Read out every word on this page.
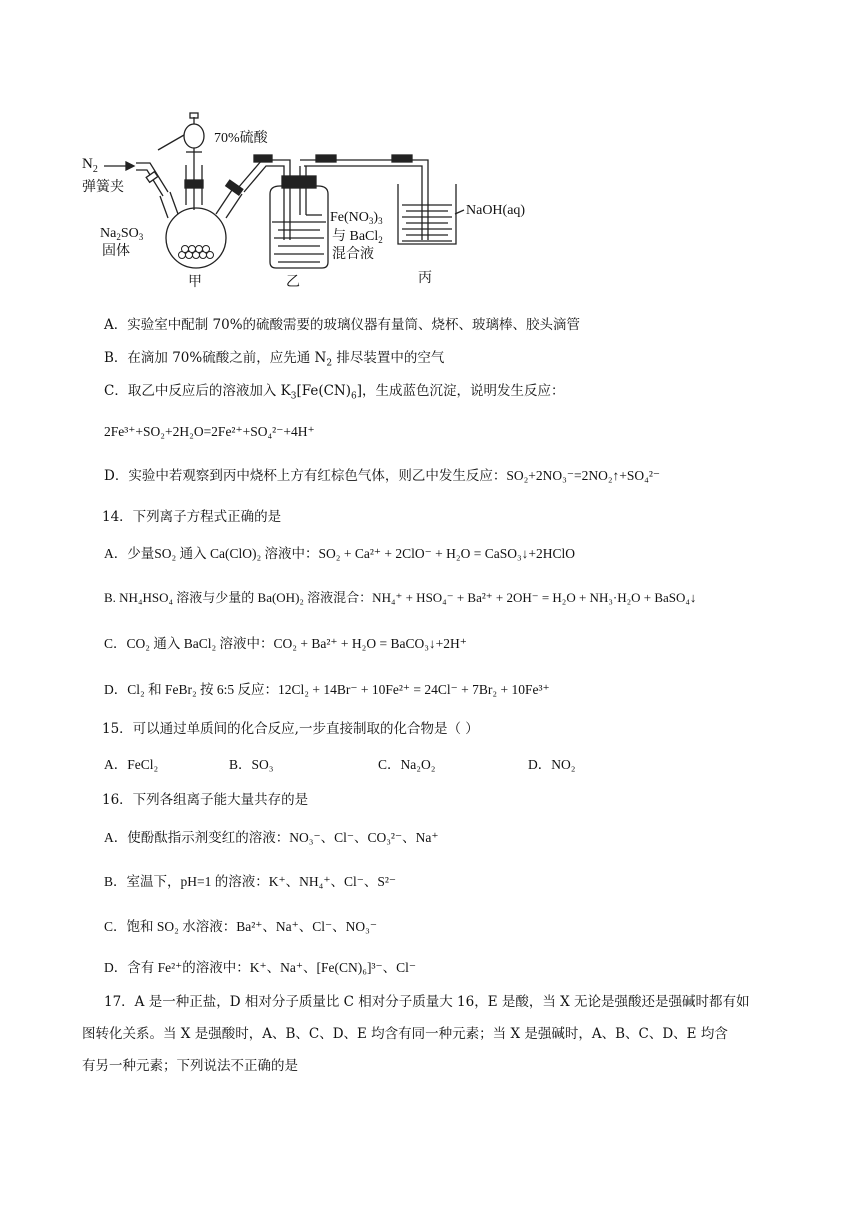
$N_2$
弹簧夹
70%硫酸
$Na_2SO_3$
固体
$Fe(NO_3)_3$
与 BaCl$_2$
混合液
NaOH(aq)
甲	乙	丙
A．实验室中配制 70%的硫酸需要的玻璃仪器有量筒、烧杯、玻璃棒、胶头滴管
B．在滴加 70%硫酸之前，应先通 $N_2$ 排尽装置中的空气
C．取乙中反应后的溶液加入 $K_3[Fe(CN)_6]$，生成蓝色沉淀，说明发生反应：
2Fe³⁺+SO₂+2H₂O=2Fe²⁺+SO₄²⁻+4H⁺
D．实验中若观察到丙中烧杯上方有红棕色气体，则乙中发生反应：SO₂+2NO₃⁻=2NO₂↑+SO₄²⁻
14．下列离子方程式正确的是
A．少量SO₂ 通入 Ca(ClO)₂ 溶液中：SO₂ + Ca²⁺ + 2ClO⁻ + H₂O = CaSO₃↓+2HClO
B. NH₄HSO₄ 溶液与少量的 Ba(OH)₂ 溶液混合：NH₄⁺ + HSO₄⁻ + Ba²⁺ + 2OH⁻ = H₂O + NH₃·H₂O + BaSO₄↓
C．CO₂ 通入 BaCl₂ 溶液中：CO₂ + Ba²⁺ + H₂O = BaCO₃↓+2H⁺
D．Cl₂ 和 FeBr₂ 按 6:5 反应：12Cl₂ + 14Br⁻ + 10Fe²⁺ = 24Cl⁻ + 7Br₂ + 10Fe³⁺
15．可以通过单质间的化合反应,一步直接制取的化合物是（ ）
A．FeCl₂	B．SO₃	C．Na₂O₂	D．NO₂
16．下列各组离子能大量共存的是
A．使酚酞指示剂变红的溶液：NO₃⁻、Cl⁻、CO₃²⁻、Na⁺
B．室温下，pH=1 的溶液：K⁺、NH₄⁺、Cl⁻、S²⁻
C．饱和 SO₂ 水溶液：Ba²⁺、Na⁺、Cl⁻、NO₃⁻
D．含有 Fe²⁺的溶液中：K⁺、Na⁺、[Fe(CN)₆]³⁻、Cl⁻
17．A 是一种正盐，D 相对分子质量比 C 相对分子质量大 16，E 是酸，当 X 无论是强酸还是强碱时都有如
图转化关系。当 X 是强酸时，A、B、C、D、E 均含有同一种元素；当 X 是强碱时，A、B、C、D、E 均含
有另一种元素；下列说法不正确的是
